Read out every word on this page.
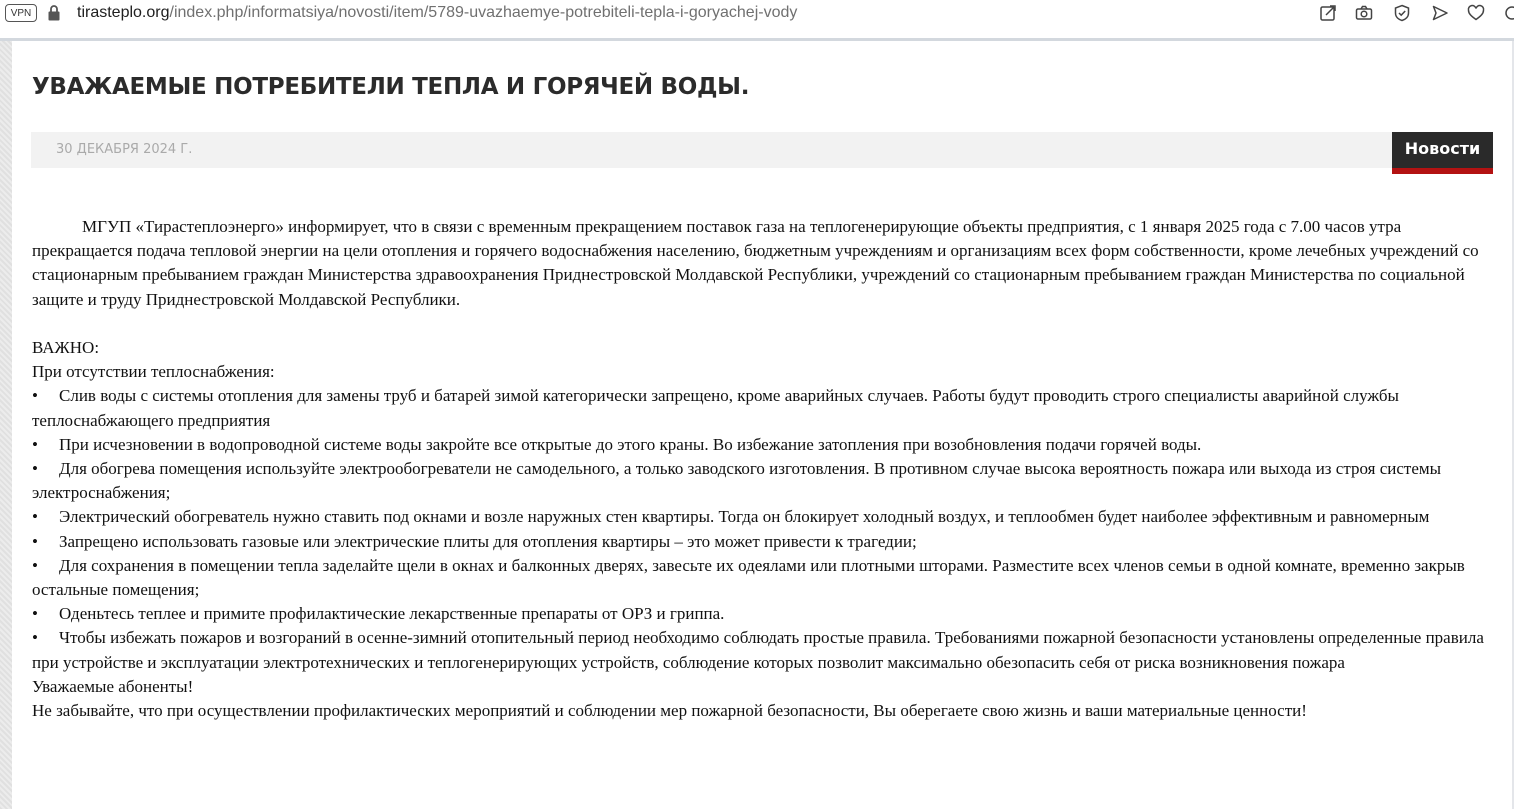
VPN	tirasteplo.org/index.php/informatsiya/novosti/item/5789-uvazhaemye-potrebiteli-tepla-i-goryachej-vody
УВАЖАЕМЫЕ ПОТРЕБИТЕЛИ ТЕПЛА И ГОРЯЧЕЙ ВОДЫ.
30 ДЕКАБРЯ 2024 Г.	Новости

МГУП «Тирастеплоэнерго» информирует, что в связи с временным прекращением поставок газа на теплогенерирующие объекты предприятия, с 1 января 2025 года с 7.00 часов утра прекращается подача тепловой энергии на цели отопления и горячего водоснабжения населению, бюджетным учреждениям и организациям всех форм собственности, кроме лечебных учреждений со стационарным пребыванием граждан Министерства здравоохранения Приднестровской Молдавской Республики, учреждений со стационарным пребыванием граждан Министерства по социальной защите и труду Приднестровской Молдавской Республики.

ВАЖНО:

При отсутствии теплоснабжения:

• Слив воды с системы отопления для замены труб и батарей зимой категорически запрещено, кроме аварийных случаев. Работы будут проводить строго специалисты аварийной службы теплоснабжающего предприятия

• При исчезновении в водопроводной системе воды закройте все открытые до этого краны. Во избежание затопления при возобновления подачи горячей воды.

• Для обогрева помещения используйте электрообогреватели не самодельного, а только заводского изготовления. В противном случае высока вероятность пожара или выхода из строя системы электроснабжения;

• Электрический обогреватель нужно ставить под окнами и возле наружных стен квартиры. Тогда он блокирует холодный воздух, и теплообмен будет наиболее эффективным и равномерным

• Запрещено использовать газовые или электрические плиты для отопления квартиры – это может привести к трагедии;

• Для сохранения в помещении тепла заделайте щели в окнах и балконных дверях, завесьте их одеялами или плотными шторами. Разместите всех членов семьи в одной комнате, временно закрыв остальные помещения;

• Оденьтесь теплее и примите профилактические лекарственные препараты от ОРЗ и гриппа.

• Чтобы избежать пожаров и возгораний в осенне-зимний отопительный период необходимо соблюдать простые правила. Требованиями пожарной безопасности установлены определенные правила при устройстве и эксплуатации электротехнических и теплогенерирующих устройств, соблюдение которых позволит максимально обезопасить себя от риска возникновения пожара

Уважаемые абоненты!

Не забывайте, что при осуществлении профилактических мероприятий и соблюдении мер пожарной безопасности, Вы оберегаете свою жизнь и ваши материальные ценности!
